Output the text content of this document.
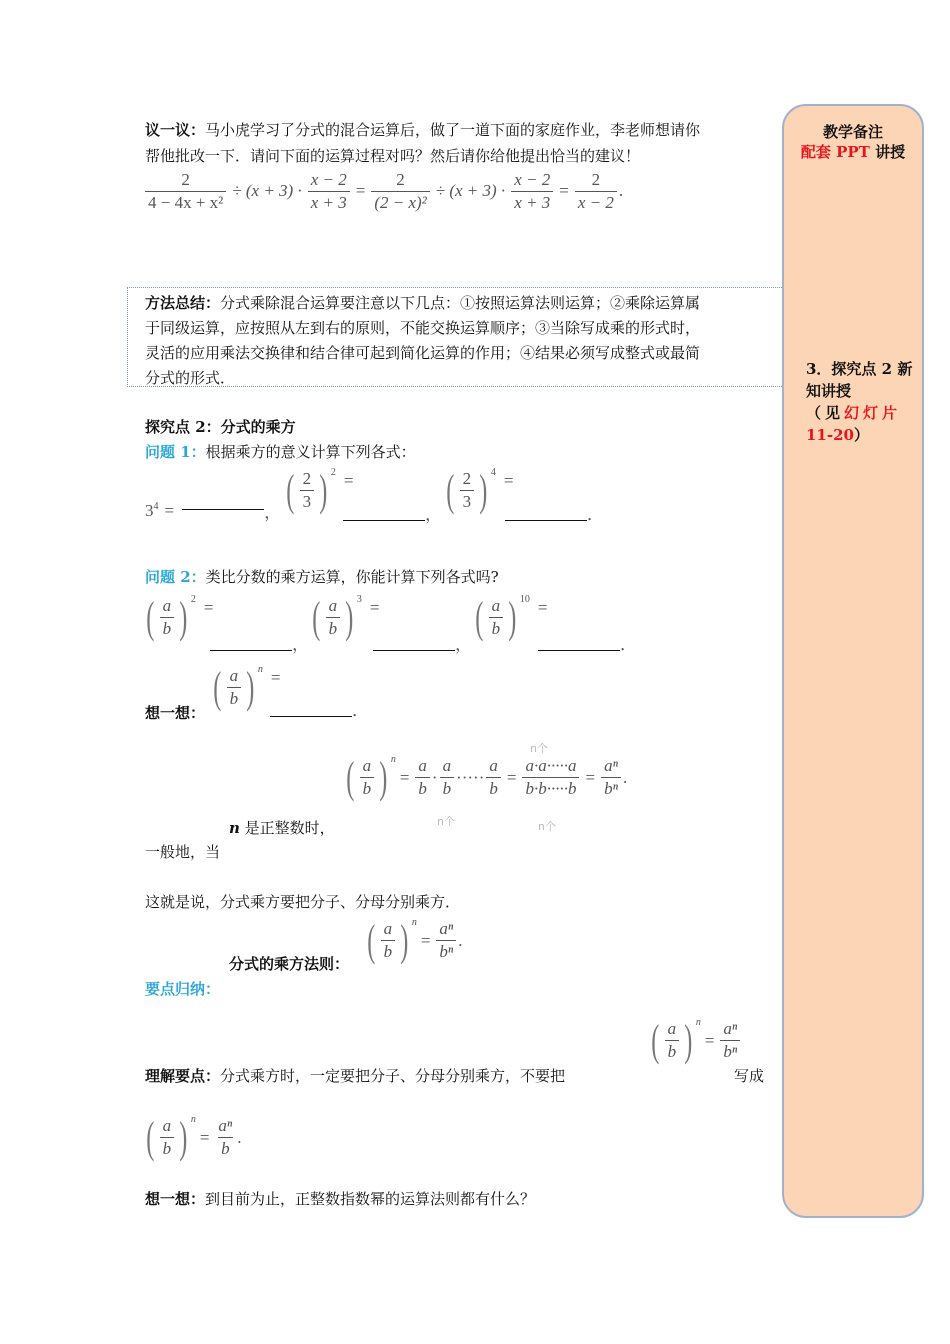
教学备注
配套 PPT 讲授
3．探究点 2 新
知讲授
（见幻灯片
11-20）
议一议：马小虎学习了分式的混合运算后，做了一道下面的家庭作业，李老师想请你
帮他批改一下．请问下面的运算过程对吗？然后请你给他提出恰当的建议！
$\frac{2}{\text{4 − 4x + x²}} \div (x + 3) \cdot \frac{x - 2}{x + 3} = \frac{2}{\text{(2 − x)²}} \div (x + 3) \cdot \frac{x - 2}{x + 3} = \frac{2}{x - 2}$ .
方法总结：分式乘除混合运算要注意以下几点：①按照运算法则运算；②乘除运算属
于同级运算，应按照从左到右的原则，不能交换运算顺序；③当除写成乘的形式时，
灵活的应用乘法交换律和结合律可起到简化运算的作用；④结果必须写成整式或最简
分式的形式．
探究点 2：分式的乘方
问题 1：根据乘方的意义计算下列各式：
3 4 =	， ( $\frac{2}{3}$ ) 2 =
， ( $\frac{2}{3}$ ) 4 =
．
问题 2：类比分数的乘方运算，你能计算下列各式吗?
( $\frac{a}{b}$ ) 2 =
，
( $\frac{a}{b}$ ) 3 =
，
( $\frac{a}{b}$ ) 10 =
．
( $\frac{a}{b}$ ) n =
想一想：	．
( $\frac{a}{b}$ ) n
= $\frac{a}{b} \cdot \frac{a}{b}$ ····· $\frac{a}{b} = \frac{a\cdot a\cdot\cdot\cdot\cdot\cdot a}{b\cdot b\cdot\cdot\cdot\cdot\cdot b} = \frac{\text{aⁿ}}{\text{bⁿ}}$ .
n个
n个	n个
n 是正整数时，
一般地，当
这就是说，分式乘方要把分子、分母分别乘方．
分式的乘方法则： ( $\frac{a}{b}$ ) n
= $\frac{\text{aⁿ}}{\text{bⁿ}}$ .
要点归纳：
( $\frac{a}{b}$ ) n
= $\frac{\text{aⁿ}}{\text{bⁿ}}$
理解要点：分式乘方时，一定要把分子、分母分别乘方，不要把	写成
( $\frac{a}{b}$ ) n
= $\frac{\text{aⁿ}}{b}$ .
想一想：到目前为止，正整数指数幂的运算法则都有什么？
